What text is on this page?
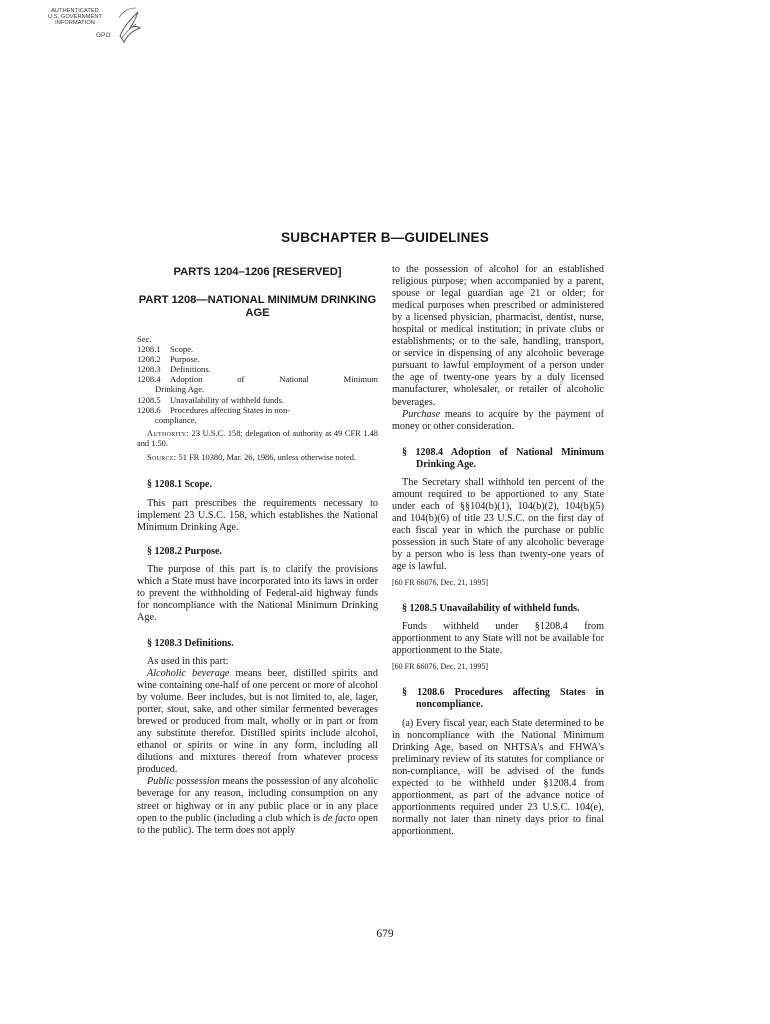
AUTHENTICATED
U.S. GOVERNMENT
INFORMATION
GPO
SUBCHAPTER B—GUIDELINES
PARTS 1204–1206 [RESERVED]
PART 1208—NATIONAL MINIMUM DRINKING AGE
Sec.
1208.1	Scope.
1208.2	Purpose.
1208.3	Definitions.
1208.4	Adoption of National Minimum
Drinking Age.
1208.5	Unavailability of withheld funds.
1208.6	Procedures affecting States in non-
compliance.
Authority: 23 U.S.C. 158; delegation of authority at 49 CFR 1.48 and 1.50.
Source: 51 FR 10380, Mar. 26, 1986, unless otherwise noted.
§ 1208.1 Scope.

This part prescribes the requirements necessary to implement 23 U.S.C. 158, which establishes the National Minimum Drinking Age.

§ 1208.2 Purpose.

The purpose of this part is to clarify the provisions which a State must have incorporated into its laws in order to prevent the withholding of Federal-aid highway funds for noncompliance with the National Minimum Drinking Age.

§ 1208.3 Definitions.

As used in this part:

Alcoholic beverage means beer, distilled spirits and wine containing one-half of one percent or more of alcohol by volume. Beer includes, but is not limited to, ale, lager, porter, stout, sake, and other similar fermented beverages brewed or produced from malt, wholly or in part or from any substitute therefor. Distilled spirits include alcohol, ethanol or spirits or wine in any form, including all dilutions and mixtures thereof from whatever process produced.

Public possession means the possession of any alcoholic beverage for any reason, including consumption on any street or highway or in any public place or in any place open to the public (including a club which is de facto open to the public). The term does not apply

to the possession of alcohol for an established religious purpose; when accompanied by a parent, spouse or legal guardian age 21 or older; for medical purposes when prescribed or administered by a licensed physician, pharmacist, dentist, nurse, hospital or medical institution; in private clubs or establishments; or to the sale, handling, transport, or service in dispensing of any alcoholic beverage pursuant to lawful employment of a person under the age of twenty-one years by a duly licensed manufacturer, wholesaler, or retailer of alcoholic beverages.

Purchase means to acquire by the payment of money or other consideration.

§ 1208.4 Adoption of National Minimum Drinking Age.

The Secretary shall withhold ten percent of the amount required to be apportioned to any State under each of §§104(b)(1), 104(b)(2), 104(b)(5) and 104(b)(6) of title 23 U.S.C. on the first day of each fiscal year in which the purchase or public possession in such State of any alcoholic beverage by a person who is less than twenty-one years of age is lawful.

[60 FR 66076, Dec. 21, 1995]
§ 1208.5 Unavailability of withheld funds.

Funds withheld under §1208.4 from apportionment to any State will not be available for apportionment to the State.

[60 FR 66076, Dec. 21, 1995]
§ 1208.6 Procedures affecting States in noncompliance.

(a) Every fiscal year, each State determined to be in noncompliance with the National Minimum Drinking Age, based on NHTSA's and FHWA's preliminary review of its statutes for compliance or non-compliance, will be advised of the funds expected to be withheld under §1208.4 from apportionment, as part of the advance notice of apportionments required under 23 U.S.C. 104(e), normally not later than ninety days prior to final apportionment.

679
